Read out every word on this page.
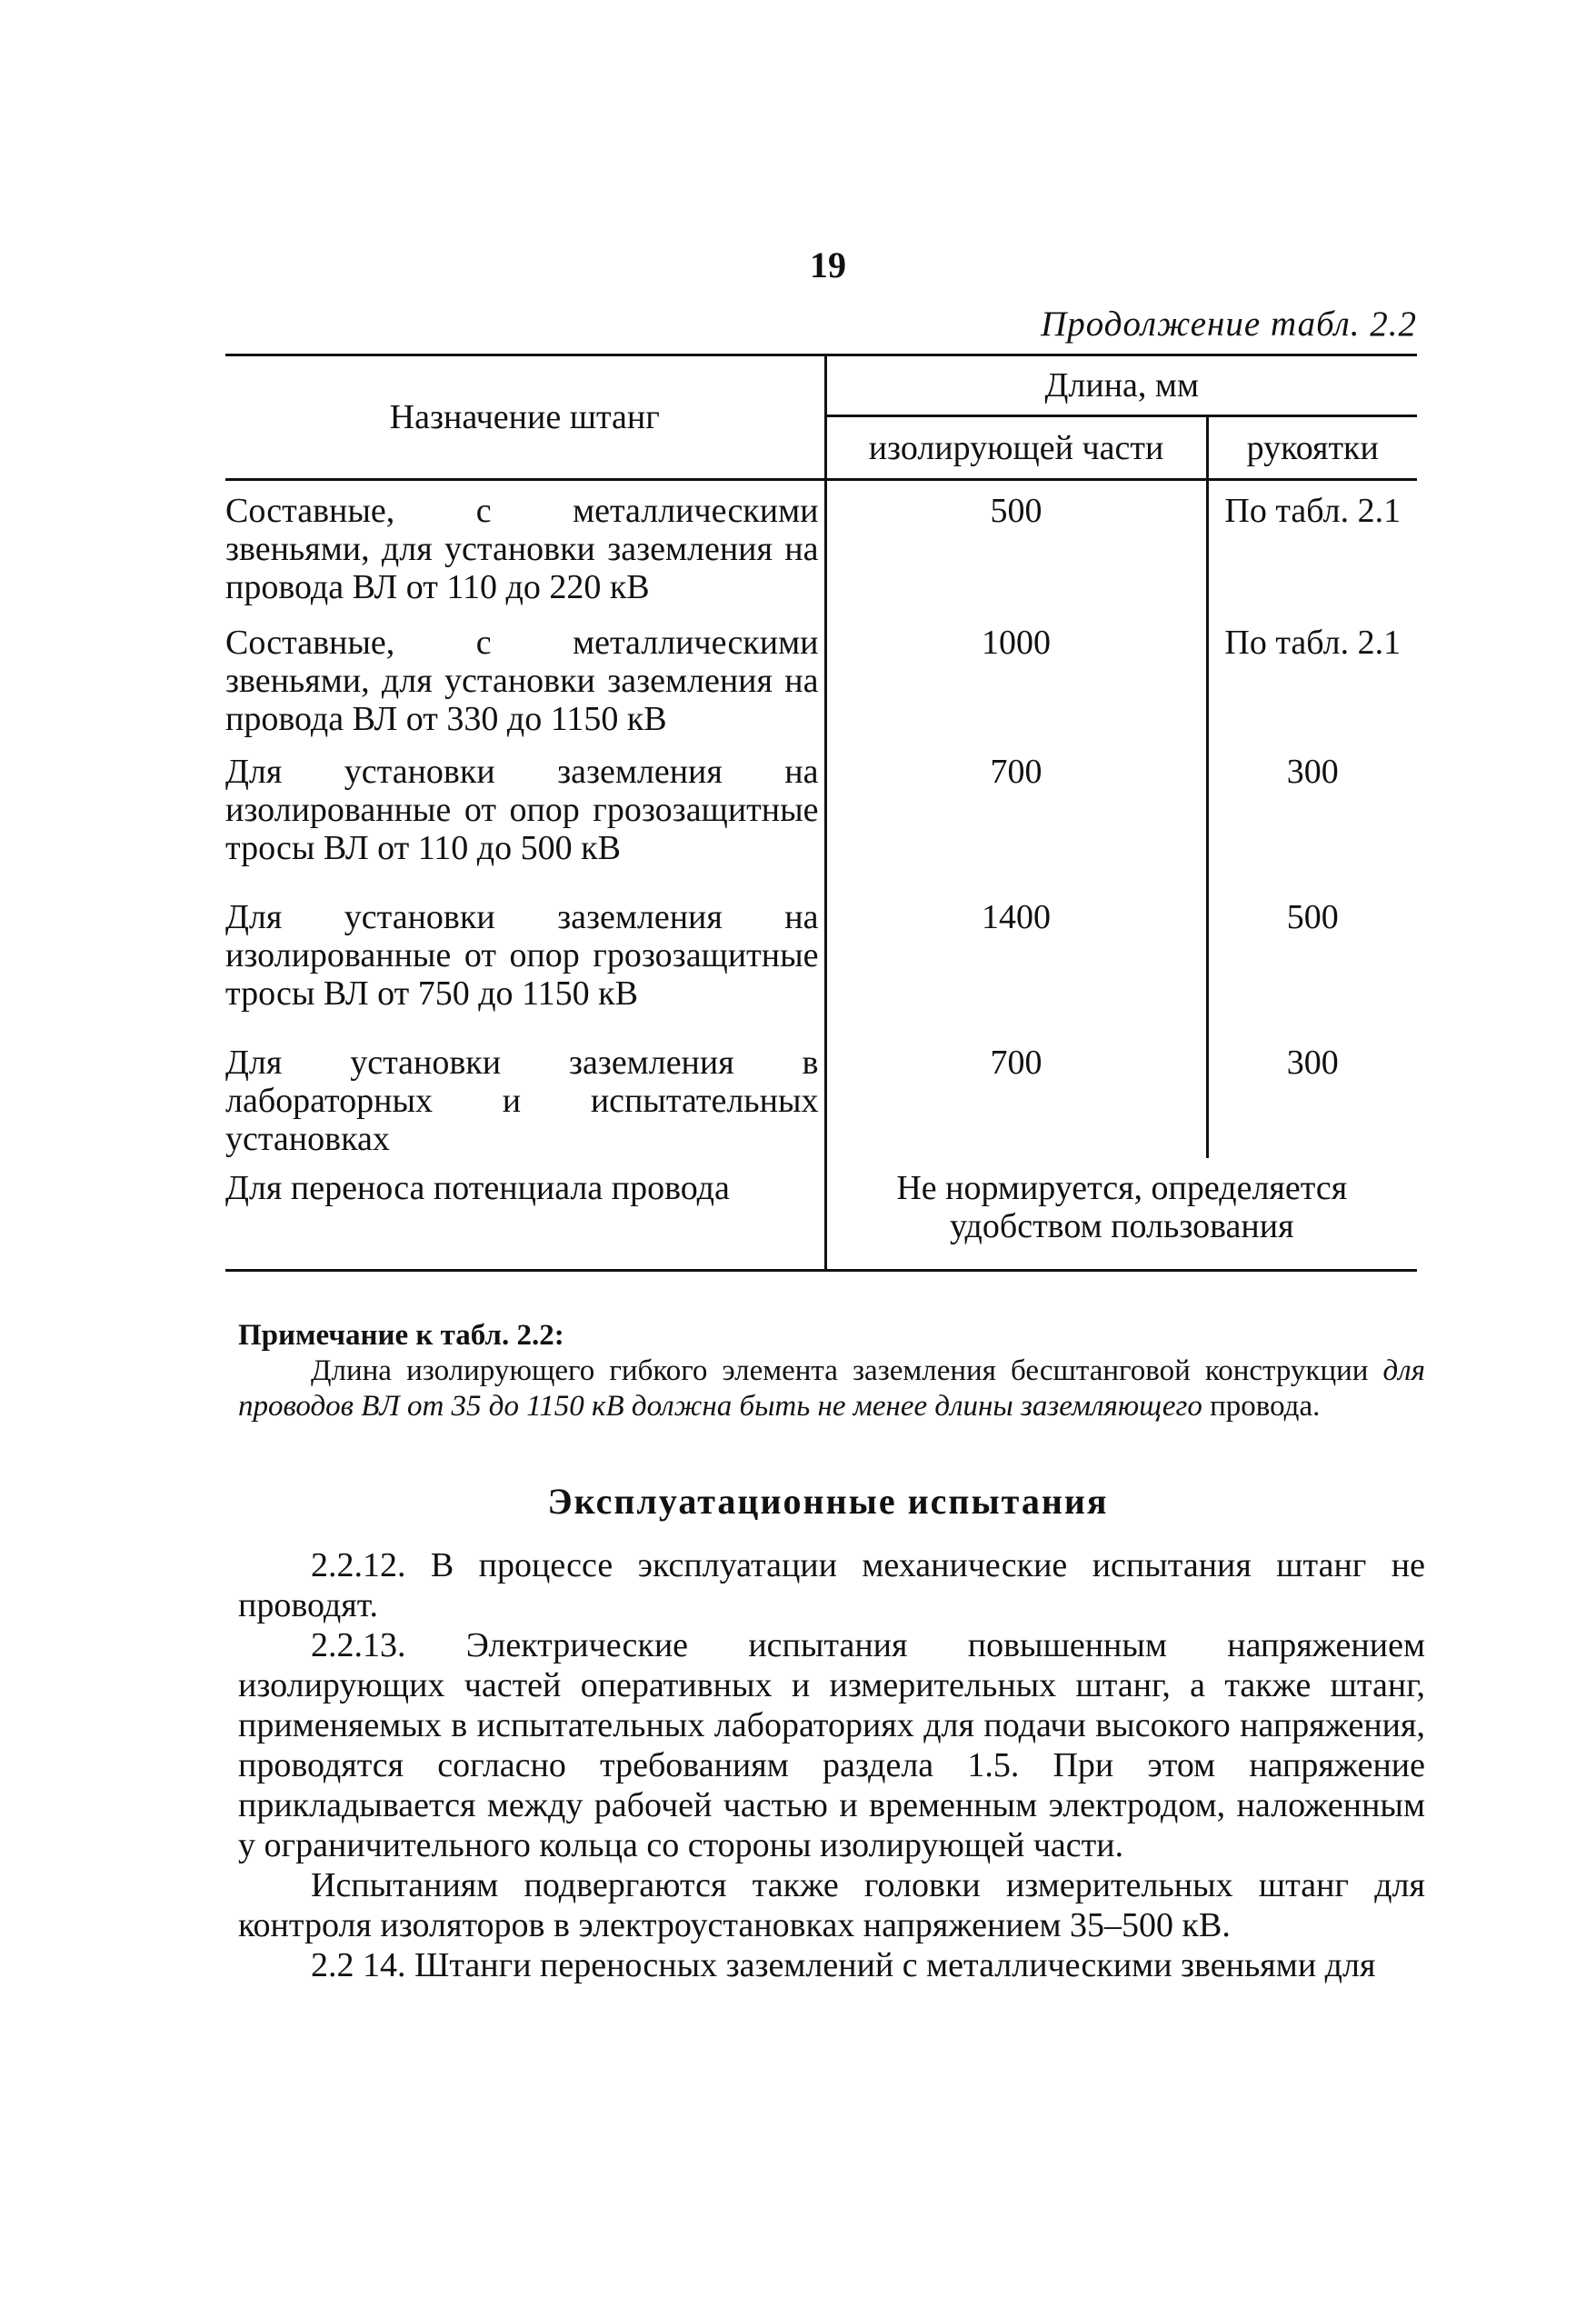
19
Продолжение табл. 2.2
Назначение штанг	Длина, мм	
	изолирующей части	рукоятки
Составные, с металлическими звеньями, для установки заземления на провода ВЛ от 110 до 220 кВ	500	По табл. 2.1
Составные, с металлическими звеньями, для установки заземления на провода ВЛ от 330 до 1150 кВ	1000	По табл. 2.1
Для установки заземления на изолированные от опор грозозащитные тросы ВЛ от 110 до 500 кВ	700	300
Для установки заземления на изолированные от опор грозозащитные тросы ВЛ от 750 до 1150 кВ	1400	500
Для установки заземления в лабораторных и испытательных установках	700	300
Для переноса потенциала провода	Не нормируется, определяется удобством пользования	

Примечание к табл. 2.2:

Длина изолирующего гибкого элемента заземления бесштанговой конструкции для проводов ВЛ от 35 до 1150 кВ должна быть не менее длины заземляющего провода.

Эксплуатационные испытания

2.2.12. В процессе эксплуатации механические испытания штанг не проводят.

2.2.13. Электрические испытания повышенным напряжением изолирующих частей оперативных и измерительных штанг, а также штанг, применяемых в испытательных лабораториях для подачи высокого напряжения, проводятся согласно требованиям раздела 1.5. При этом напряжение прикладывается между рабочей частью и временным электродом, наложенным у ограничительного кольца со стороны изолирующей части.

Испытаниям подвергаются также головки измерительных штанг для контроля изоляторов в электроустановках напряжением 35–500 кВ.

2.2 14. Штанги переносных заземлений с металлическими звеньями для
